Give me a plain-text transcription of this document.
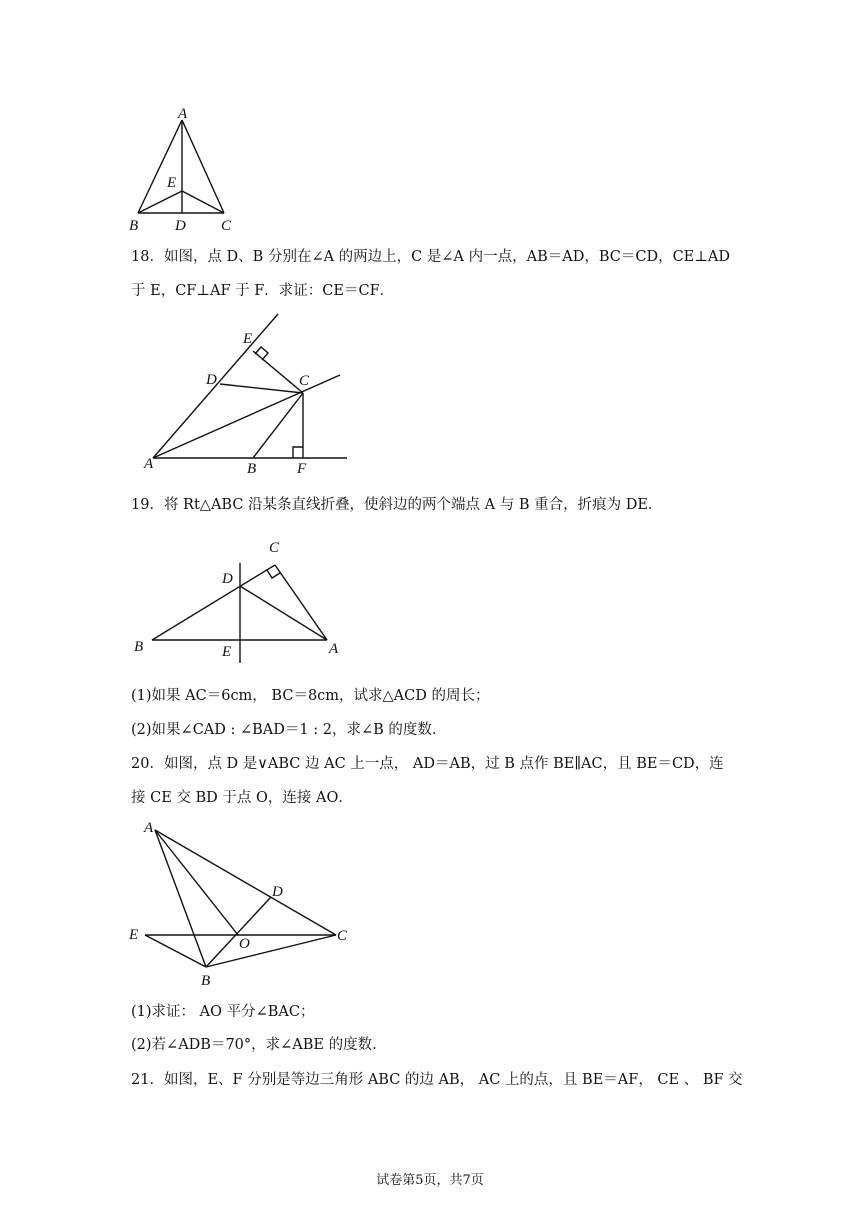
A
E
B D C
18．如图，点 D、B 分别在∠A 的两边上，C 是∠A 内一点，AB＝AD，BC＝CD，CE⊥AD
于 E，CF⊥AF 于 F．求证：CE＝CF．
E
D	C
A	B	F
19．将 Rt△ABC 沿某条直线折叠，使斜边的两个端点 A 与 B 重合，折痕为 DE．
C
D
B	E	A
(1)如果 AC＝6cm， BC＝8cm，试求△ACD 的周长；
(2)如果∠CAD : ∠BAD＝1 : 2，求∠B 的度数.
20．如图，点 D 是∨ABC 边 AC 上一点， AD＝AB，过 B 点作 BE∥AC，且 BE＝CD，连
接 CE 交 BD 于点 O，连接 AO．
A
D
E
O	C
B
(1)求证： AO 平分∠BAC；
(2)若∠ADB＝70°，求∠ABE 的度数.
21．如图，E、F 分别是等边三角形 ABC 的边 AB， AC 上的点，且 BE＝AF， CE 、 BF 交
试卷第5页，共7页
